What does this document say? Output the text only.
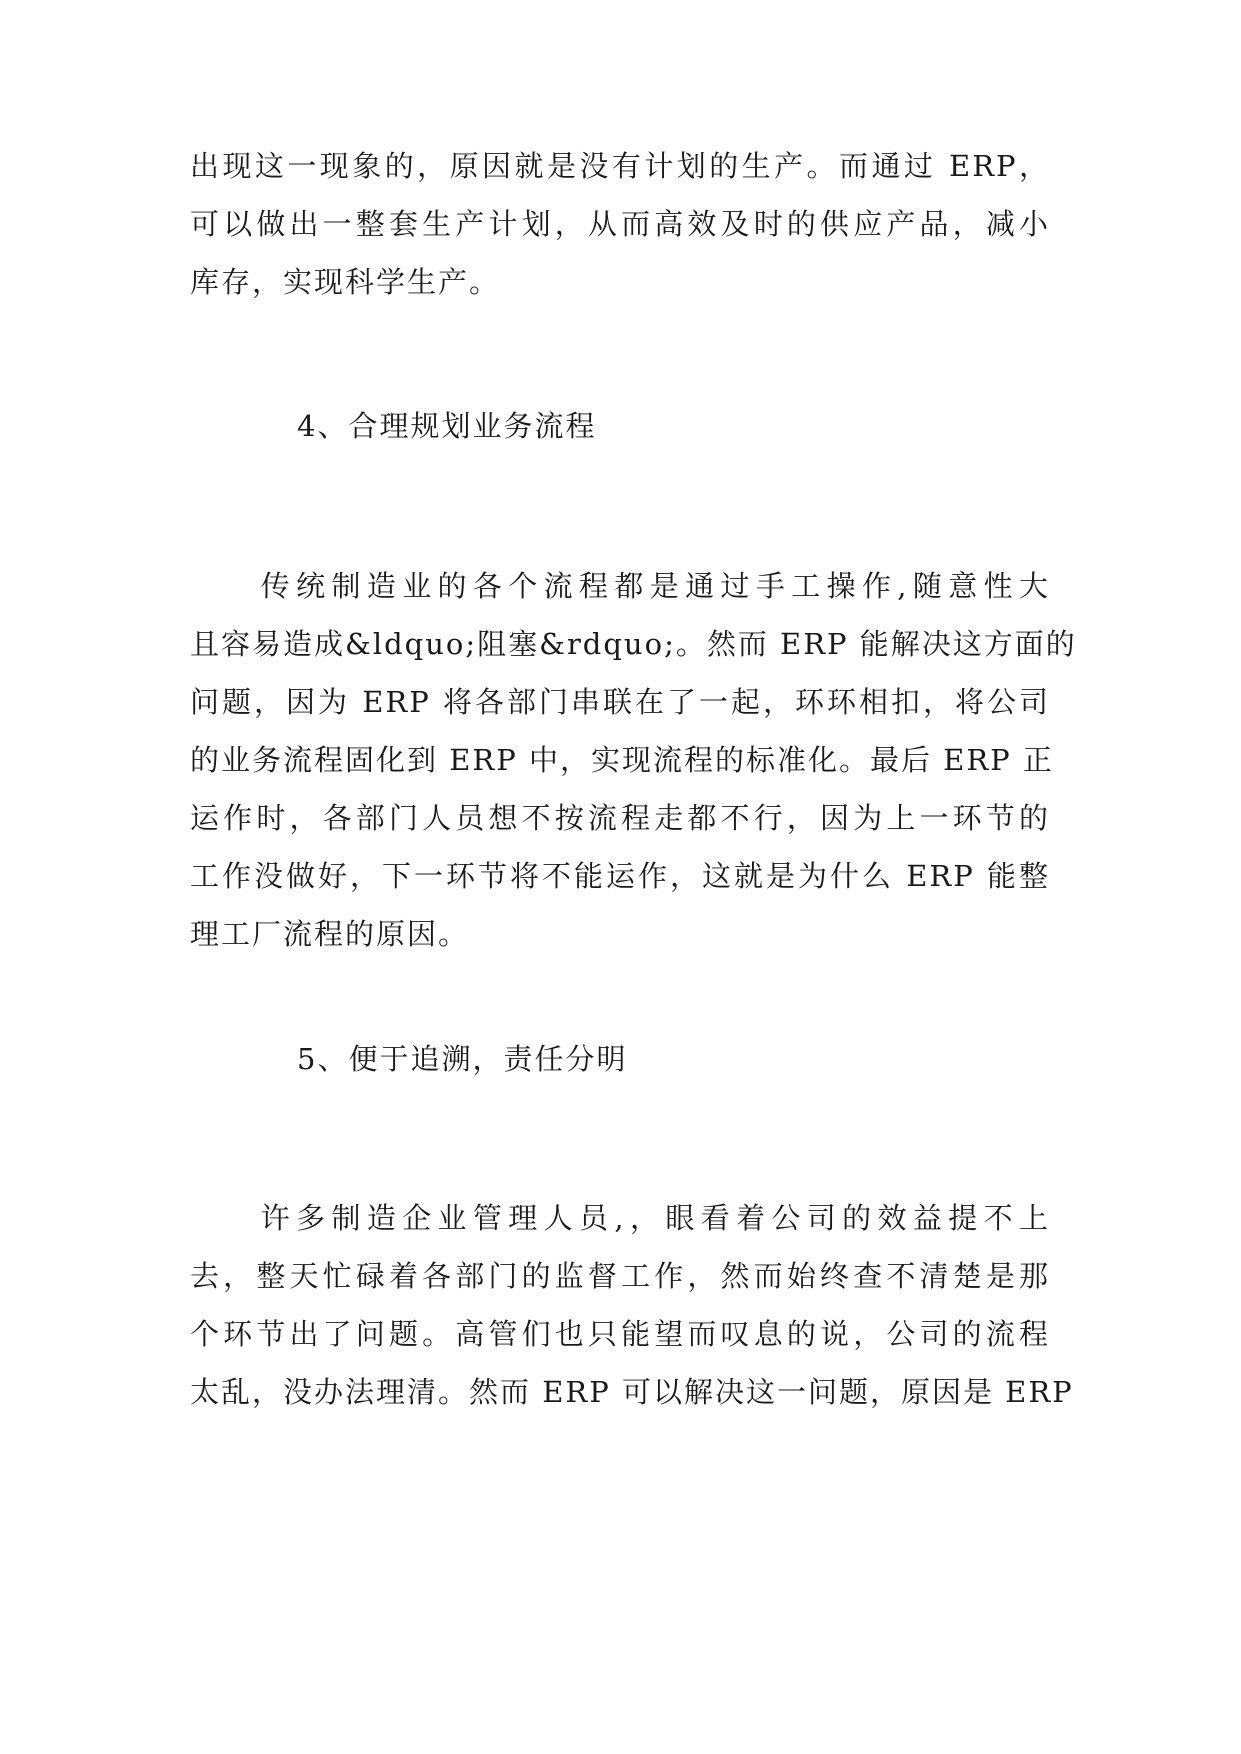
出现这一现象的，原因就是没有计划的生产。而通过 ERP，
可以做出一整套生产计划，从而高效及时的供应产品，减小
库存，实现科学生产。

4、合理规划业务流程

　　传统制造业的各个流程都是通过手工操作,随意性大
且容易造成&ldquo;阻塞&rdquo;。然而 ERP 能解决这方面的
问题，因为 ERP 将各部门串联在了一起，环环相扣，将公司
的业务流程固化到 ERP 中，实现流程的标准化。最后 ERP 正
运作时，各部门人员想不按流程走都不行，因为上一环节的
工作没做好，下一环节将不能运作，这就是为什么 ERP 能整
理工厂流程的原因。

5、便于追溯，责任分明

　　许多制造企业管理人员,，眼看着公司的效益提不上
去，整天忙碌着各部门的监督工作，然而始终查不清楚是那
个环节出了问题。高管们也只能望而叹息的说，公司的流程
太乱，没办法理清。然而 ERP 可以解决这一问题，原因是 ERP
